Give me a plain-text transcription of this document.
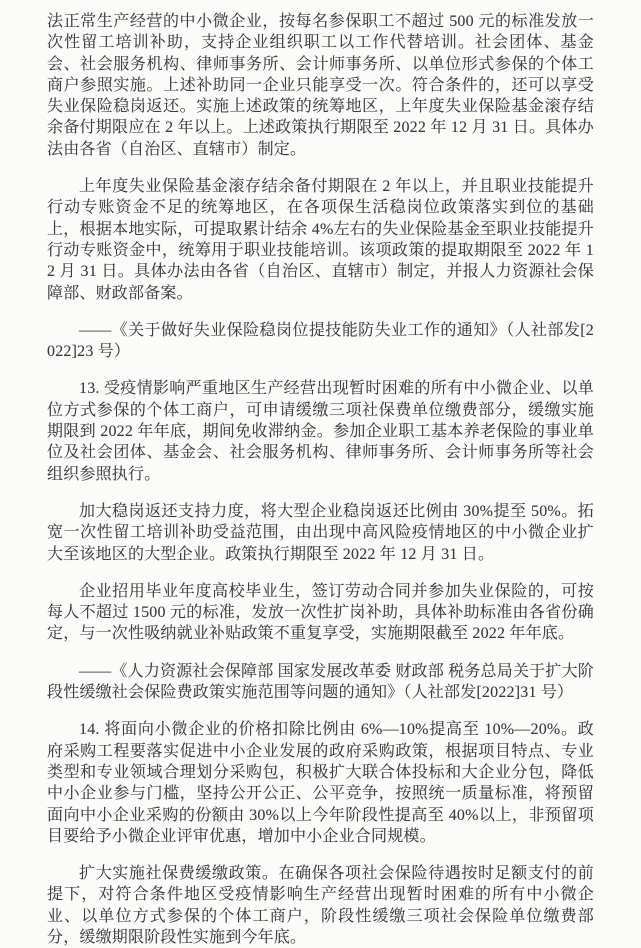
法正常生产经营的中小微企业，按每名参保职工不超过 500 元的标准发放一次性留工培训补助，支持企业组织职工以工作代替培训。社会团体、基金会、社会服务机构、律师事务所、会计师事务所、以单位形式参保的个体工商户参照实施。上述补助同一企业只能享受一次。符合条件的，还可以享受失业保险稳岗返还。实施上述政策的统筹地区，上年度失业保险基金滚存结余备付期限应在 2 年以上。上述政策执行期限至 2022 年 12 月 31 日。具体办法由各省（自治区、直辖市）制定。

上年度失业保险基金滚存结余备付期限在 2 年以上，并且职业技能提升行动专账资金不足的统筹地区，在各项保生活稳岗位政策落实到位的基础上，根据本地实际，可提取累计结余 4%左右的失业保险基金至职业技能提升行动专账资金中，统筹用于职业技能培训。该项政策的提取期限至 2022 年 12 月 31 日。具体办法由各省（自治区、直辖市）制定，并报人力资源社会保障部、财政部备案。

——《关于做好失业保险稳岗位提技能防失业工作的通知》（人社部发[2022]23 号）

13. 受疫情影响严重地区生产经营出现暂时困难的所有中小微企业、以单位方式参保的个体工商户，可申请缓缴三项社保费单位缴费部分，缓缴实施期限到 2022 年年底，期间免收滞纳金。参加企业职工基本养老保险的事业单位及社会团体、基金会、社会服务机构、律师事务所、会计师事务所等社会组织参照执行。

加大稳岗返还支持力度，将大型企业稳岗返还比例由 30%提至 50%。拓宽一次性留工培训补助受益范围，由出现中高风险疫情地区的中小微企业扩大至该地区的大型企业。政策执行期限至 2022 年 12 月 31 日。

企业招用毕业年度高校毕业生，签订劳动合同并参加失业保险的，可按每人不超过 1500 元的标准，发放一次性扩岗补助，具体补助标准由各省份确定，与一次性吸纳就业补贴政策不重复享受，实施期限截至 2022 年年底。

——《人力资源社会保障部 国家发展改革委 财政部 税务总局关于扩大阶段性缓缴社会保险费政策实施范围等问题的通知》（人社部发[2022]31 号）

14. 将面向小微企业的价格扣除比例由 6%—10%提高至 10%—20%。政府采购工程要落实促进中小企业发展的政府采购政策，根据项目特点、专业类型和专业领域合理划分采购包，积极扩大联合体投标和大企业分包，降低中小企业参与门槛，坚持公开公正、公平竞争，按照统一质量标准，将预留面向中小企业采购的份额由 30%以上今年阶段性提高至 40%以上，非预留项目要给予小微企业评审优惠，增加中小企业合同规模。

扩大实施社保费缓缴政策。在确保各项社会保险待遇按时足额支付的前提下，对符合条件地区受疫情影响生产经营出现暂时困难的所有中小微企业、以单位方式参保的个体工商户，阶段性缓缴三项社会保险单位缴费部分，缓缴期限阶段性实施到今年底。
